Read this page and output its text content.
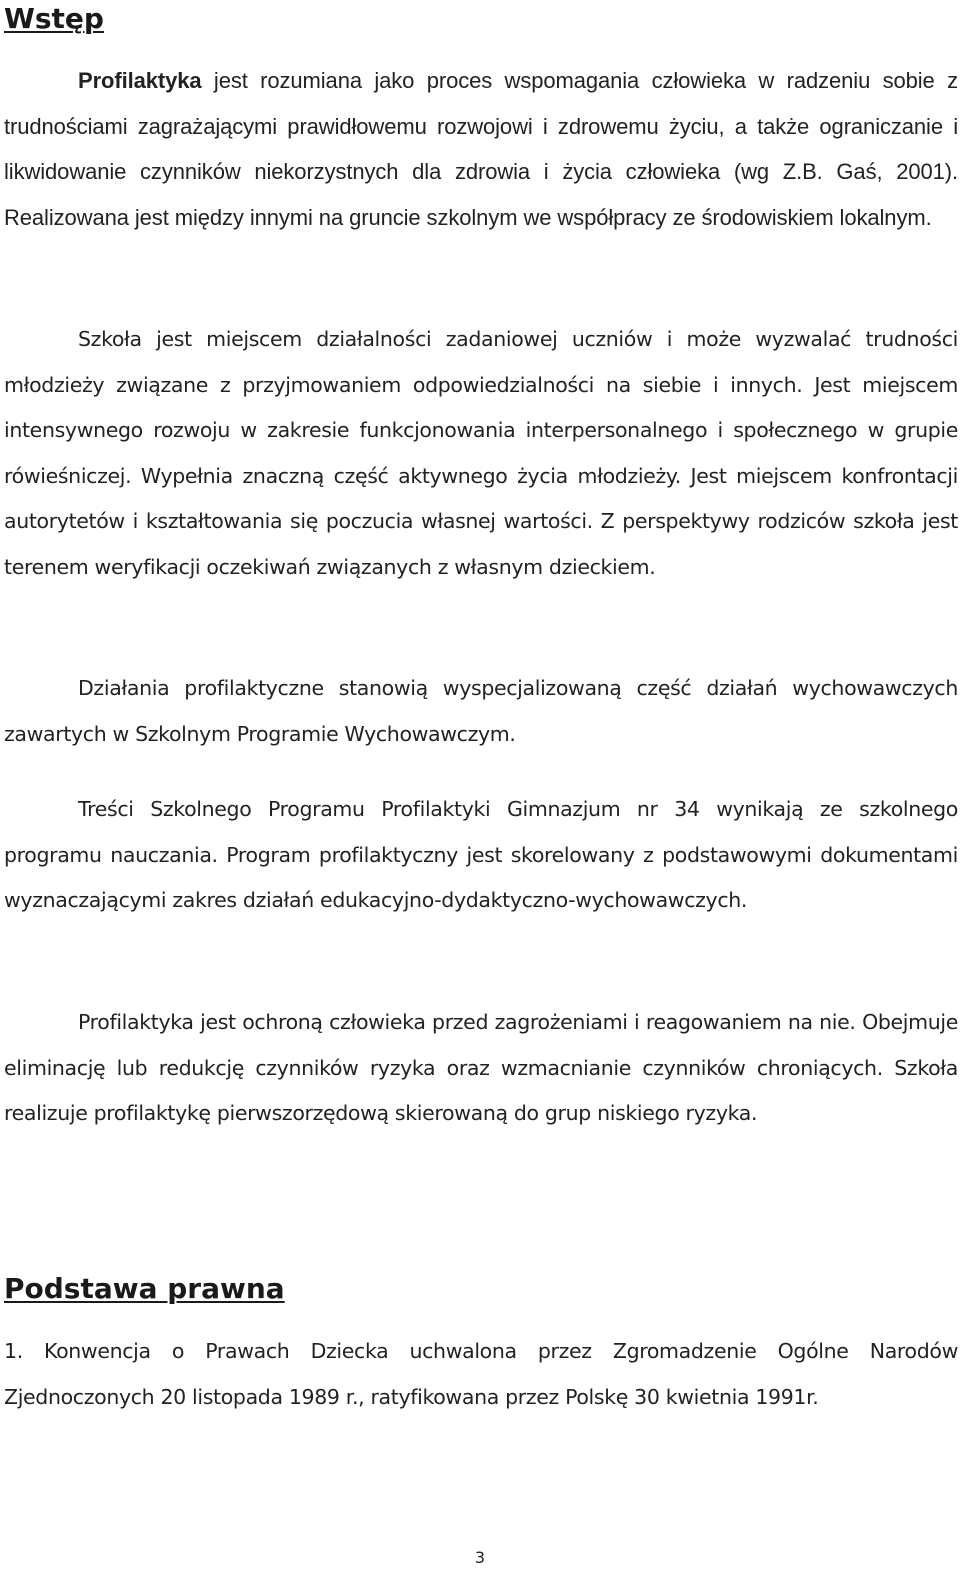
Wstęp

Profilaktyka jest rozumiana jako proces wspomagania człowieka w radzeniu sobie z trudnościami zagrażającymi prawidłowemu rozwojowi i zdrowemu życiu, a także ograniczanie i likwidowanie czynników niekorzystnych dla zdrowia i życia człowieka (wg Z.B. Gaś, 2001). Realizowana jest między innymi na gruncie szkolnym we współpracy ze środowiskiem lokalnym.

Szkoła jest miejscem działalności zadaniowej uczniów i może wyzwalać trudności młodzieży związane z przyjmowaniem odpowiedzialności na siebie i innych. Jest miejscem intensywnego rozwoju w zakresie funkcjonowania interpersonalnego i społecznego w grupie rówieśniczej. Wypełnia znaczną część aktywnego życia młodzieży. Jest miejscem konfrontacji autorytetów i kształtowania się poczucia własnej wartości. Z perspektywy rodziców szkoła jest terenem weryfikacji oczekiwań związanych z własnym dzieckiem.

Działania profilaktyczne stanowią wyspecjalizowaną część działań wychowawczych zawartych w Szkolnym Programie Wychowawczym.

Treści Szkolnego Programu Profilaktyki Gimnazjum nr 34 wynikają ze szkolnego programu nauczania. Program profilaktyczny jest skorelowany z podstawowymi dokumentami wyznaczającymi zakres działań edukacyjno-dydaktyczno-wychowawczych.

Profilaktyka jest ochroną człowieka przed zagrożeniami i reagowaniem na nie. Obejmuje eliminację lub redukcję czynników ryzyka oraz wzmacnianie czynników chroniących. Szkoła realizuje profilaktykę pierwszorzędową skierowaną do grup niskiego ryzyka.

Podstawa prawna
1. Konwencja o Prawach Dziecka uchwalona przez Zgromadzenie Ogólne Narodów Zjednoczonych 20 listopada 1989 r., ratyfikowana przez Polskę 30 kwietnia 1991r.
3
